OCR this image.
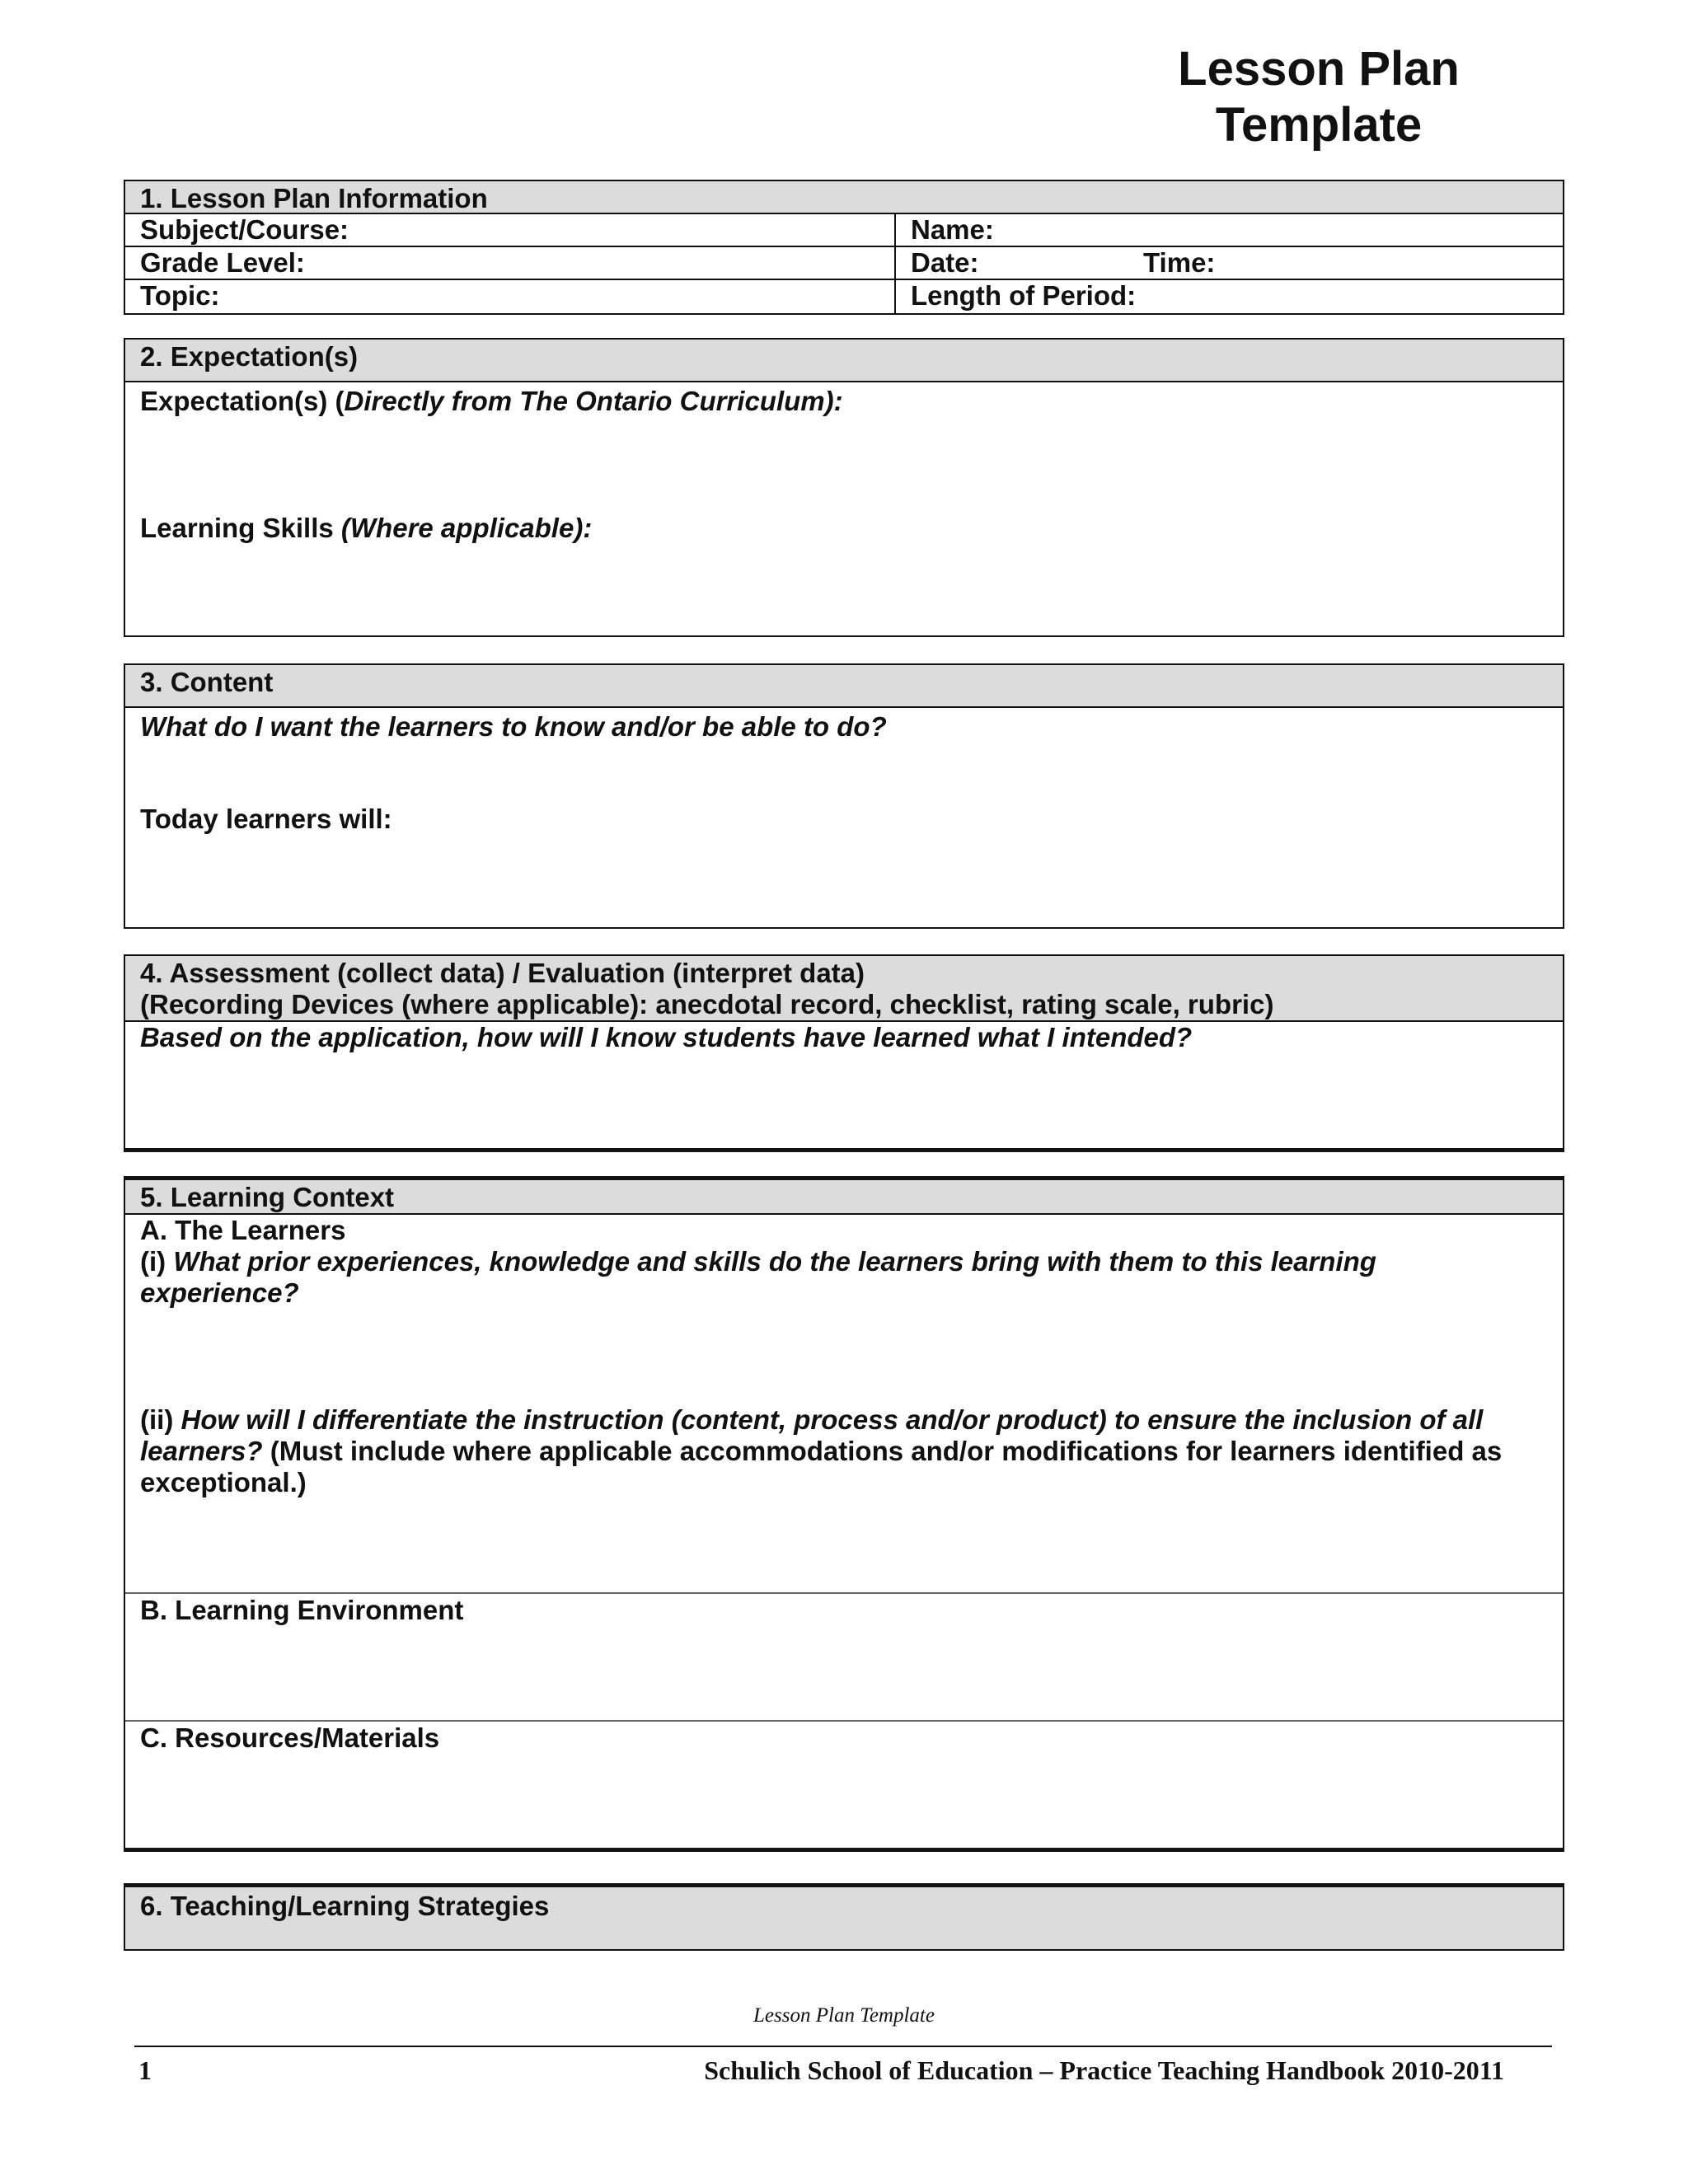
Lesson Plan
Template
1. Lesson Plan Information
Subject/Course:	Name:
Grade Level:	Date:	Time:
Topic:	Length of Period:
2. Expectation(s)
Expectation(s) (Directly from The Ontario Curriculum):
Learning Skills (Where applicable):
3. Content
What do I want the learners to know and/or be able to do?
Today learners will:
4. Assessment (collect data) / Evaluation (interpret data)
(Recording Devices (where applicable): anecdotal record, checklist, rating scale, rubric)
Based on the application, how will I know students have learned what I intended?
5. Learning Context
A. The Learners
(i) What prior experiences, knowledge and skills do the learners bring with them to this learning
experience?
(ii) How will I differentiate the instruction (content, process and/or product) to ensure the inclusion of all
learners? (Must include where applicable accommodations and/or modifications for learners identified as
exceptional.)
B. Learning Environment
C. Resources/Materials
6. Teaching/Learning Strategies
Lesson Plan Template
1	Schulich School of Education – Practice Teaching Handbook 2010-2011
